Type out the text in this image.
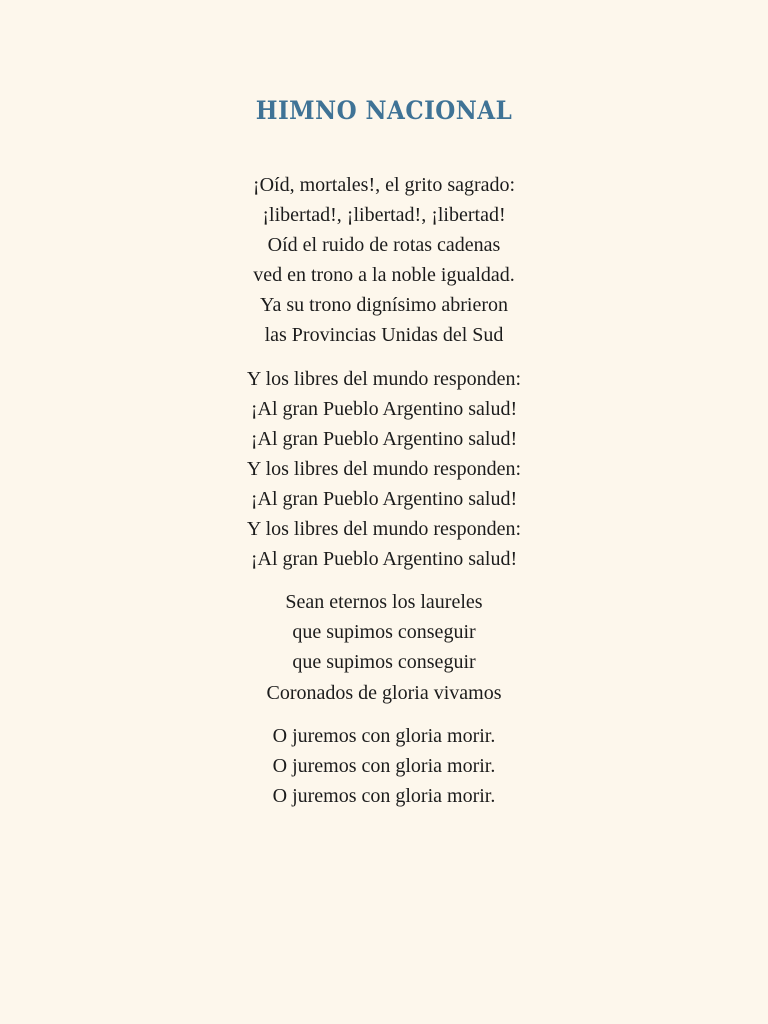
HIMNO NACIONAL
¡Oíd, mortales!, el grito sagrado:
¡libertad!, ¡libertad!, ¡libertad!
Oíd el ruido de rotas cadenas
ved en trono a la noble igualdad.
Ya su trono dignísimo abrieron
las Provincias Unidas del Sud
Y los libres del mundo responden:
¡Al gran Pueblo Argentino salud!
¡Al gran Pueblo Argentino salud!
Y los libres del mundo responden:
¡Al gran Pueblo Argentino salud!
Y los libres del mundo responden:
¡Al gran Pueblo Argentino salud!
Sean eternos los laureles
que supimos conseguir
que supimos conseguir
Coronados de gloria vivamos
O juremos con gloria morir.
O juremos con gloria morir.
O juremos con gloria morir.
